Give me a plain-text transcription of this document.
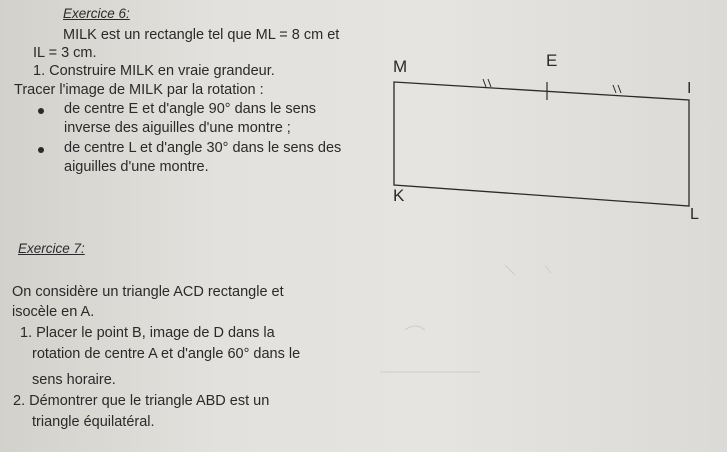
Exercice 6:
MILK est un rectangle tel que ML = 8 cm et
IL = 3 cm.
1. Construire MILK en vraie grandeur.
Tracer l'image de MILK par la rotation :
de centre E et d'angle 90° dans le sens
inverse des aiguilles d'une montre ;
de centre L et d'angle 30° dans le sens des
aiguilles d'une montre.
M	E
I
K
L
Exercice 7:
On considère un triangle ACD rectangle et
isocèle en A.
1. Placer le point B, image de D dans la
rotation de centre A et d'angle 60° dans le
sens horaire.
2. Démontrer que le triangle ABD est un
triangle équilatéral.
